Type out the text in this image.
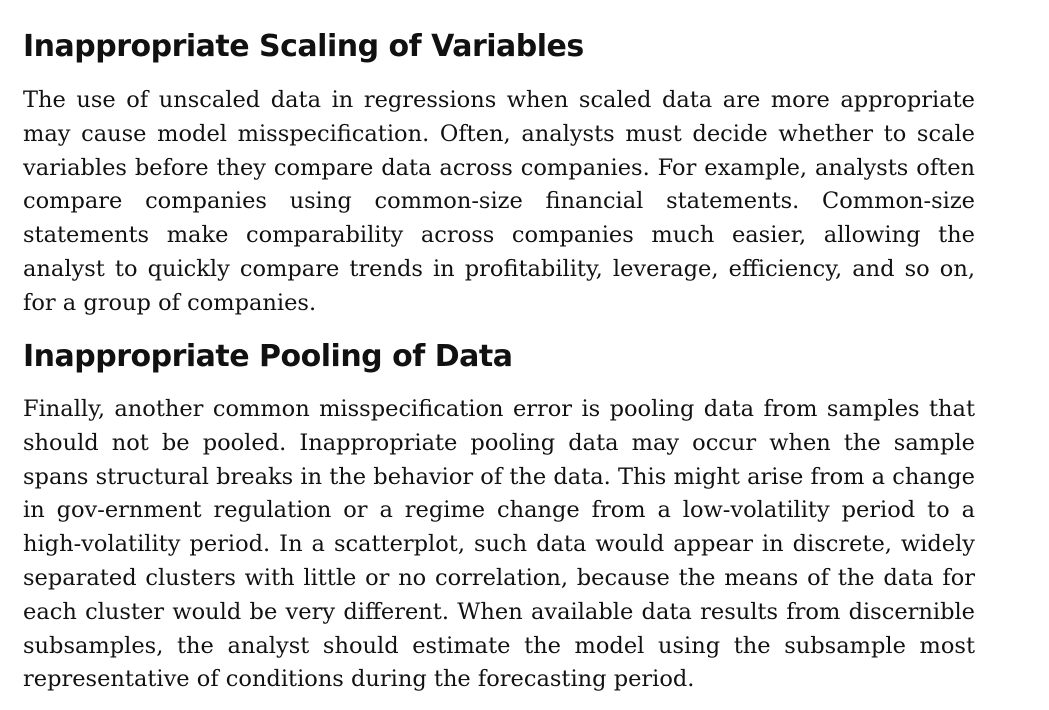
Inappropriate Scaling of Variables

The use of unscaled data in regressions when scaled data are more appropriate may cause model misspecification. Often, analysts must decide whether to scale variables before they compare data across companies. For example, analysts often compare companies using common-size financial statements. Common-size statements make comparability across companies much easier, allowing the analyst to quickly compare trends in profitability, leverage, efficiency, and so on, for a group of companies.

Inappropriate Pooling of Data

Finally, another common misspecification error is pooling data from samples that should not be pooled. Inappropriate pooling data may occur when the sample spans structural breaks in the behavior of the data. This might arise from a change in gov-ernment regulation or a regime change from a low-volatility period to a high-volatility period. In a scatterplot, such data would appear in discrete, widely separated clusters with little or no correlation, because the means of the data for each cluster would be very different. When available data results from discernible subsamples, the analyst should estimate the model using the subsample most representative of conditions during the forecasting period.
